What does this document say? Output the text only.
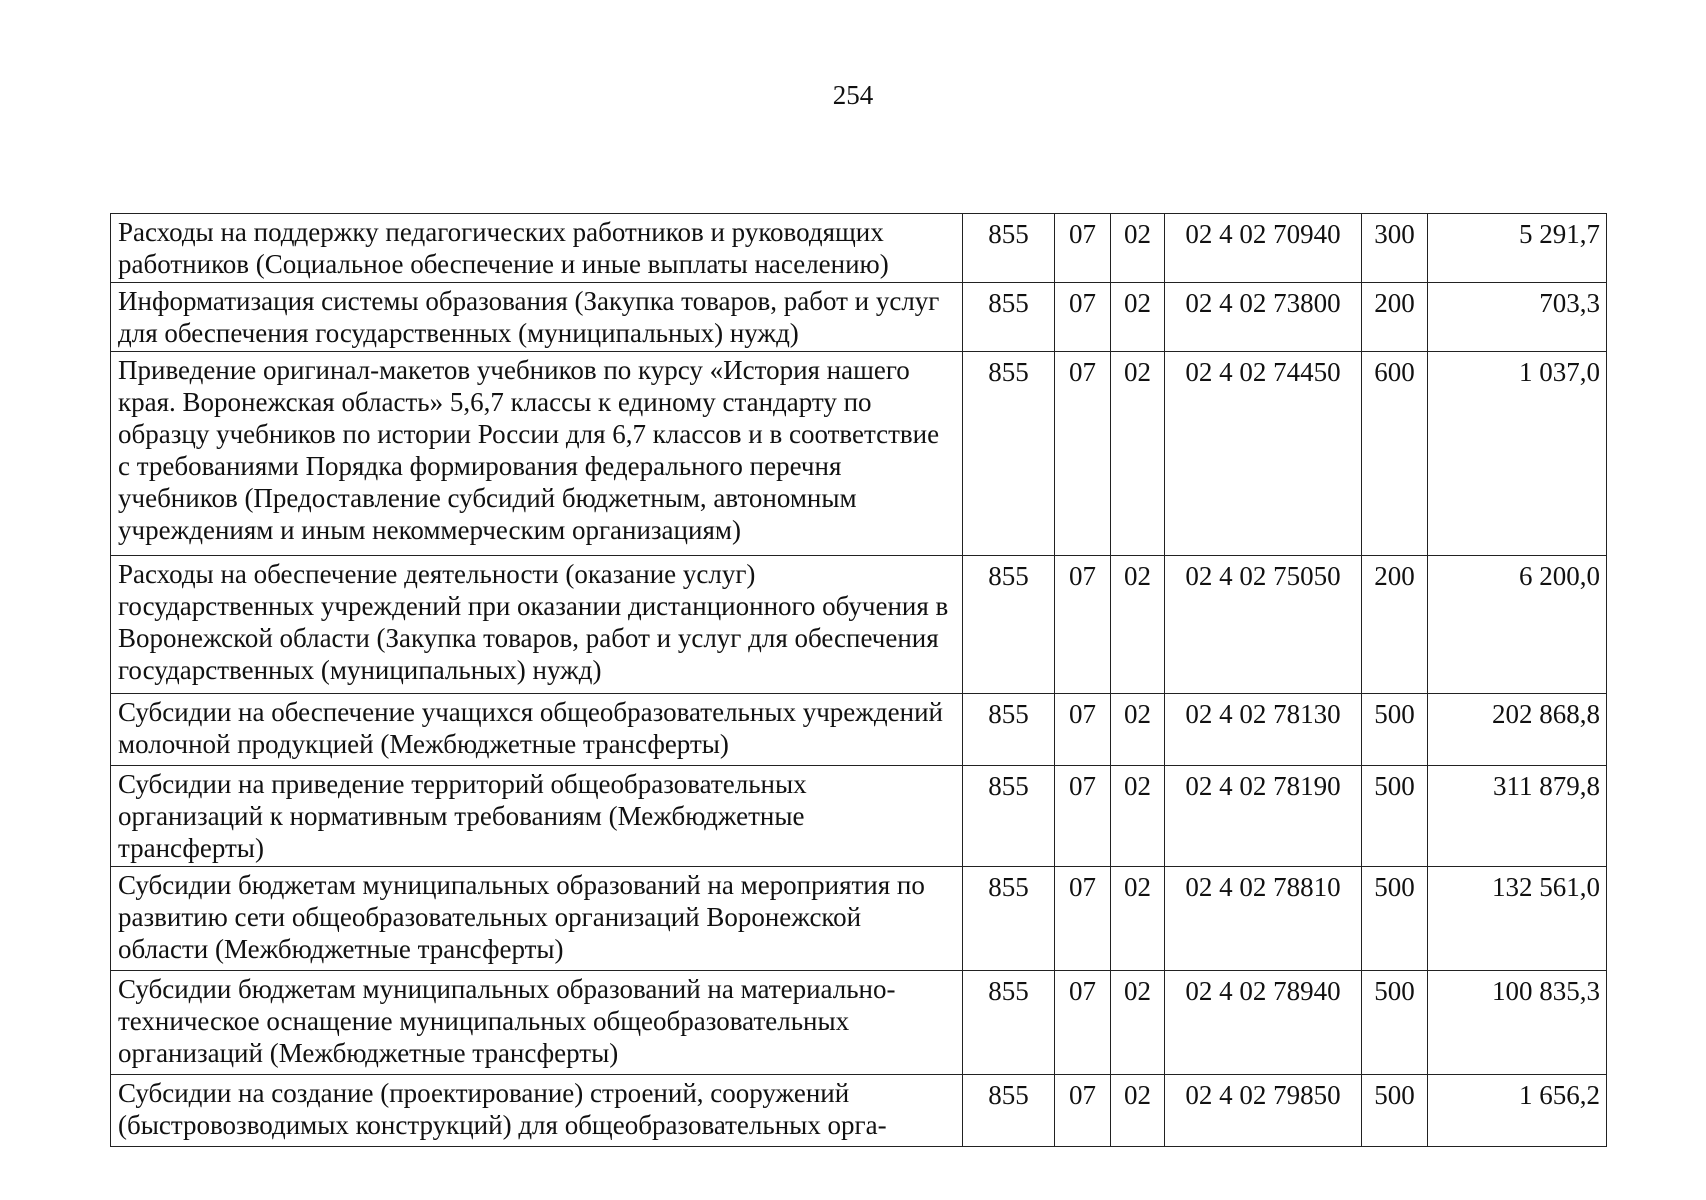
254
Расходы на поддержку педагогических работников и руководящих работников (Социальное обеспечение и иные выплаты населению)	855	07	02	02 4 02 70940	300	5 291,7
Информатизация системы образования (Закупка товаров, работ и услуг для обеспечения государственных (муниципальных) нужд)	855	07	02	02 4 02 73800	200	703,3
Приведение оригинал-макетов учебников по курсу «История нашего края. Воронежская область» 5,6,7 классы к единому стандарту по образцу учебников по истории России для 6,7 классов и в соответствие с требованиями Порядка формирования федерального перечня учебников (Предоставление субсидий бюджетным, автономным учреждениям и иным некоммерческим организациям)	855	07	02	02 4 02 74450	600	1 037,0
Расходы на обеспечение деятельности (оказание услуг) государственных учреждений при оказании дистанционного обучения в Воронежской области (Закупка товаров, работ и услуг для обеспечения государственных (муниципальных) нужд)	855	07	02	02 4 02 75050	200	6 200,0
Субсидии на обеспечение учащихся общеобразовательных учреждений молочной продукцией (Межбюджетные трансферты)	855	07	02	02 4 02 78130	500	202 868,8
Субсидии на приведение территорий общеобразовательных организаций к нормативным требованиям (Межбюджетные трансферты)	855	07	02	02 4 02 78190	500	311 879,8
Субсидии бюджетам муниципальных образований на мероприятия по развитию сети общеобразовательных организаций Воронежской области (Межбюджетные трансферты)	855	07	02	02 4 02 78810	500	132 561,0
Субсидии бюджетам муниципальных образований на материально-техническое оснащение муниципальных общеобразовательных организаций (Межбюджетные трансферты)	855	07	02	02 4 02 78940	500	100 835,3
Субсидии на создание (проектирование) строений, сооружений (быстровозводимых конструкций) для общеобразовательных орга-	855	07	02	02 4 02 79850	500	1 656,2
